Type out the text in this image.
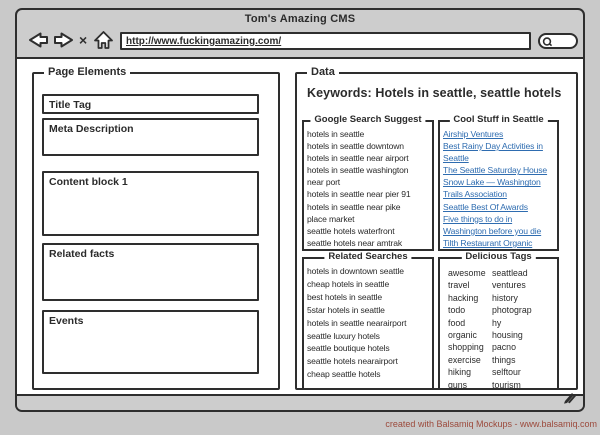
Tom's Amazing CMS
×
http://www.fuckingamazing.com/
Page Elements
Title Tag
Meta Description
Content block 1
Related facts
Events
Data
Keywords: Hotels in seattle, seattle hotels
Google Search Suggest
hotels in seattle
hotels in seattle downtown
hotels in seattle near airport
hotels in seattle washington
near port
hotels in seattle near pier 91
hotels in seattle near pike
place market
seattle hotels waterfront
seattle hotels near amtrak
Cool Stuff in Seattle
Airship Ventures
Best Rainy Day Activities in
Seattle
The Seattle Saturday House
Snow Lake — Washington
Trails Association
Seattle Best Of Awards
Five things to do in
Washington before you die
Tilth Restaurant Organic
Related Searches
hotels in downtown seattle
cheap hotels in seattle
best hotels in seattle
5star hotels in seattle
hotels in seattle nearairport
seattle luxury hotels
seattle boutique hotels
seattle hotels nearairport
cheap seattle hotels
Delicious Tags
awesome seattlead
travel	ventures
hacking history
todo	photograp
food	hy
organic housing
shopping pacno
exercise things
hiking selftour
guns	tourism
created with Balsamiq Mockups - www.balsamiq.com
